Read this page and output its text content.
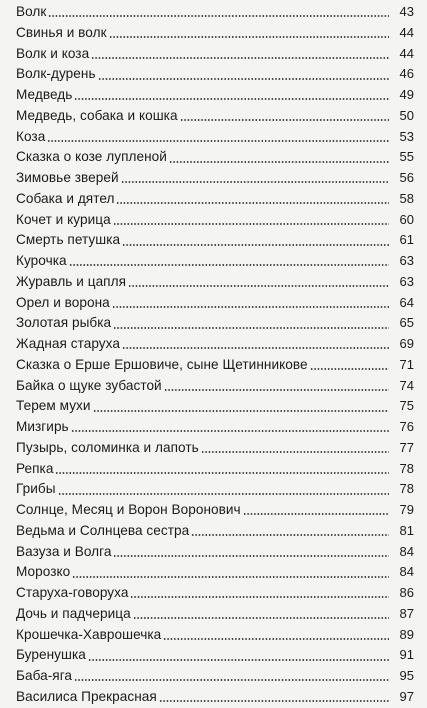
Волк	43
Свинья и волк	44
Волк и коза	44
Волк-дурень	46
Медведь	49
Медведь, собака и кошка	50
Коза	53
Сказка о козе лупленой	55
Зимовье зверей	56
Собака и дятел	58
Кочет и курица	60
Смерть петушка	61
Курочка	63
Журавль и цапля	63
Орел и ворона	64
Золотая рыбка	65
Жадная старуха	69
Сказка о Ерше Ершовиче, сыне Щетинникове	71
Байка о щуке зубастой	74
Терем мухи	75
Мизгирь	76
Пузырь, соломинка и лапоть	77
Репка	78
Грибы	78
Солнце, Месяц и Ворон Воронович	79
Ведьма и Солнцева сестра	81
Вазуза и Волга	84
Морозко	84
Старуха-говоруха	86
Дочь и падчерица	87
Крошечка-Хаврошечка	89
Буренушка	91
Баба-яга	95
Василиса Прекрасная	97
